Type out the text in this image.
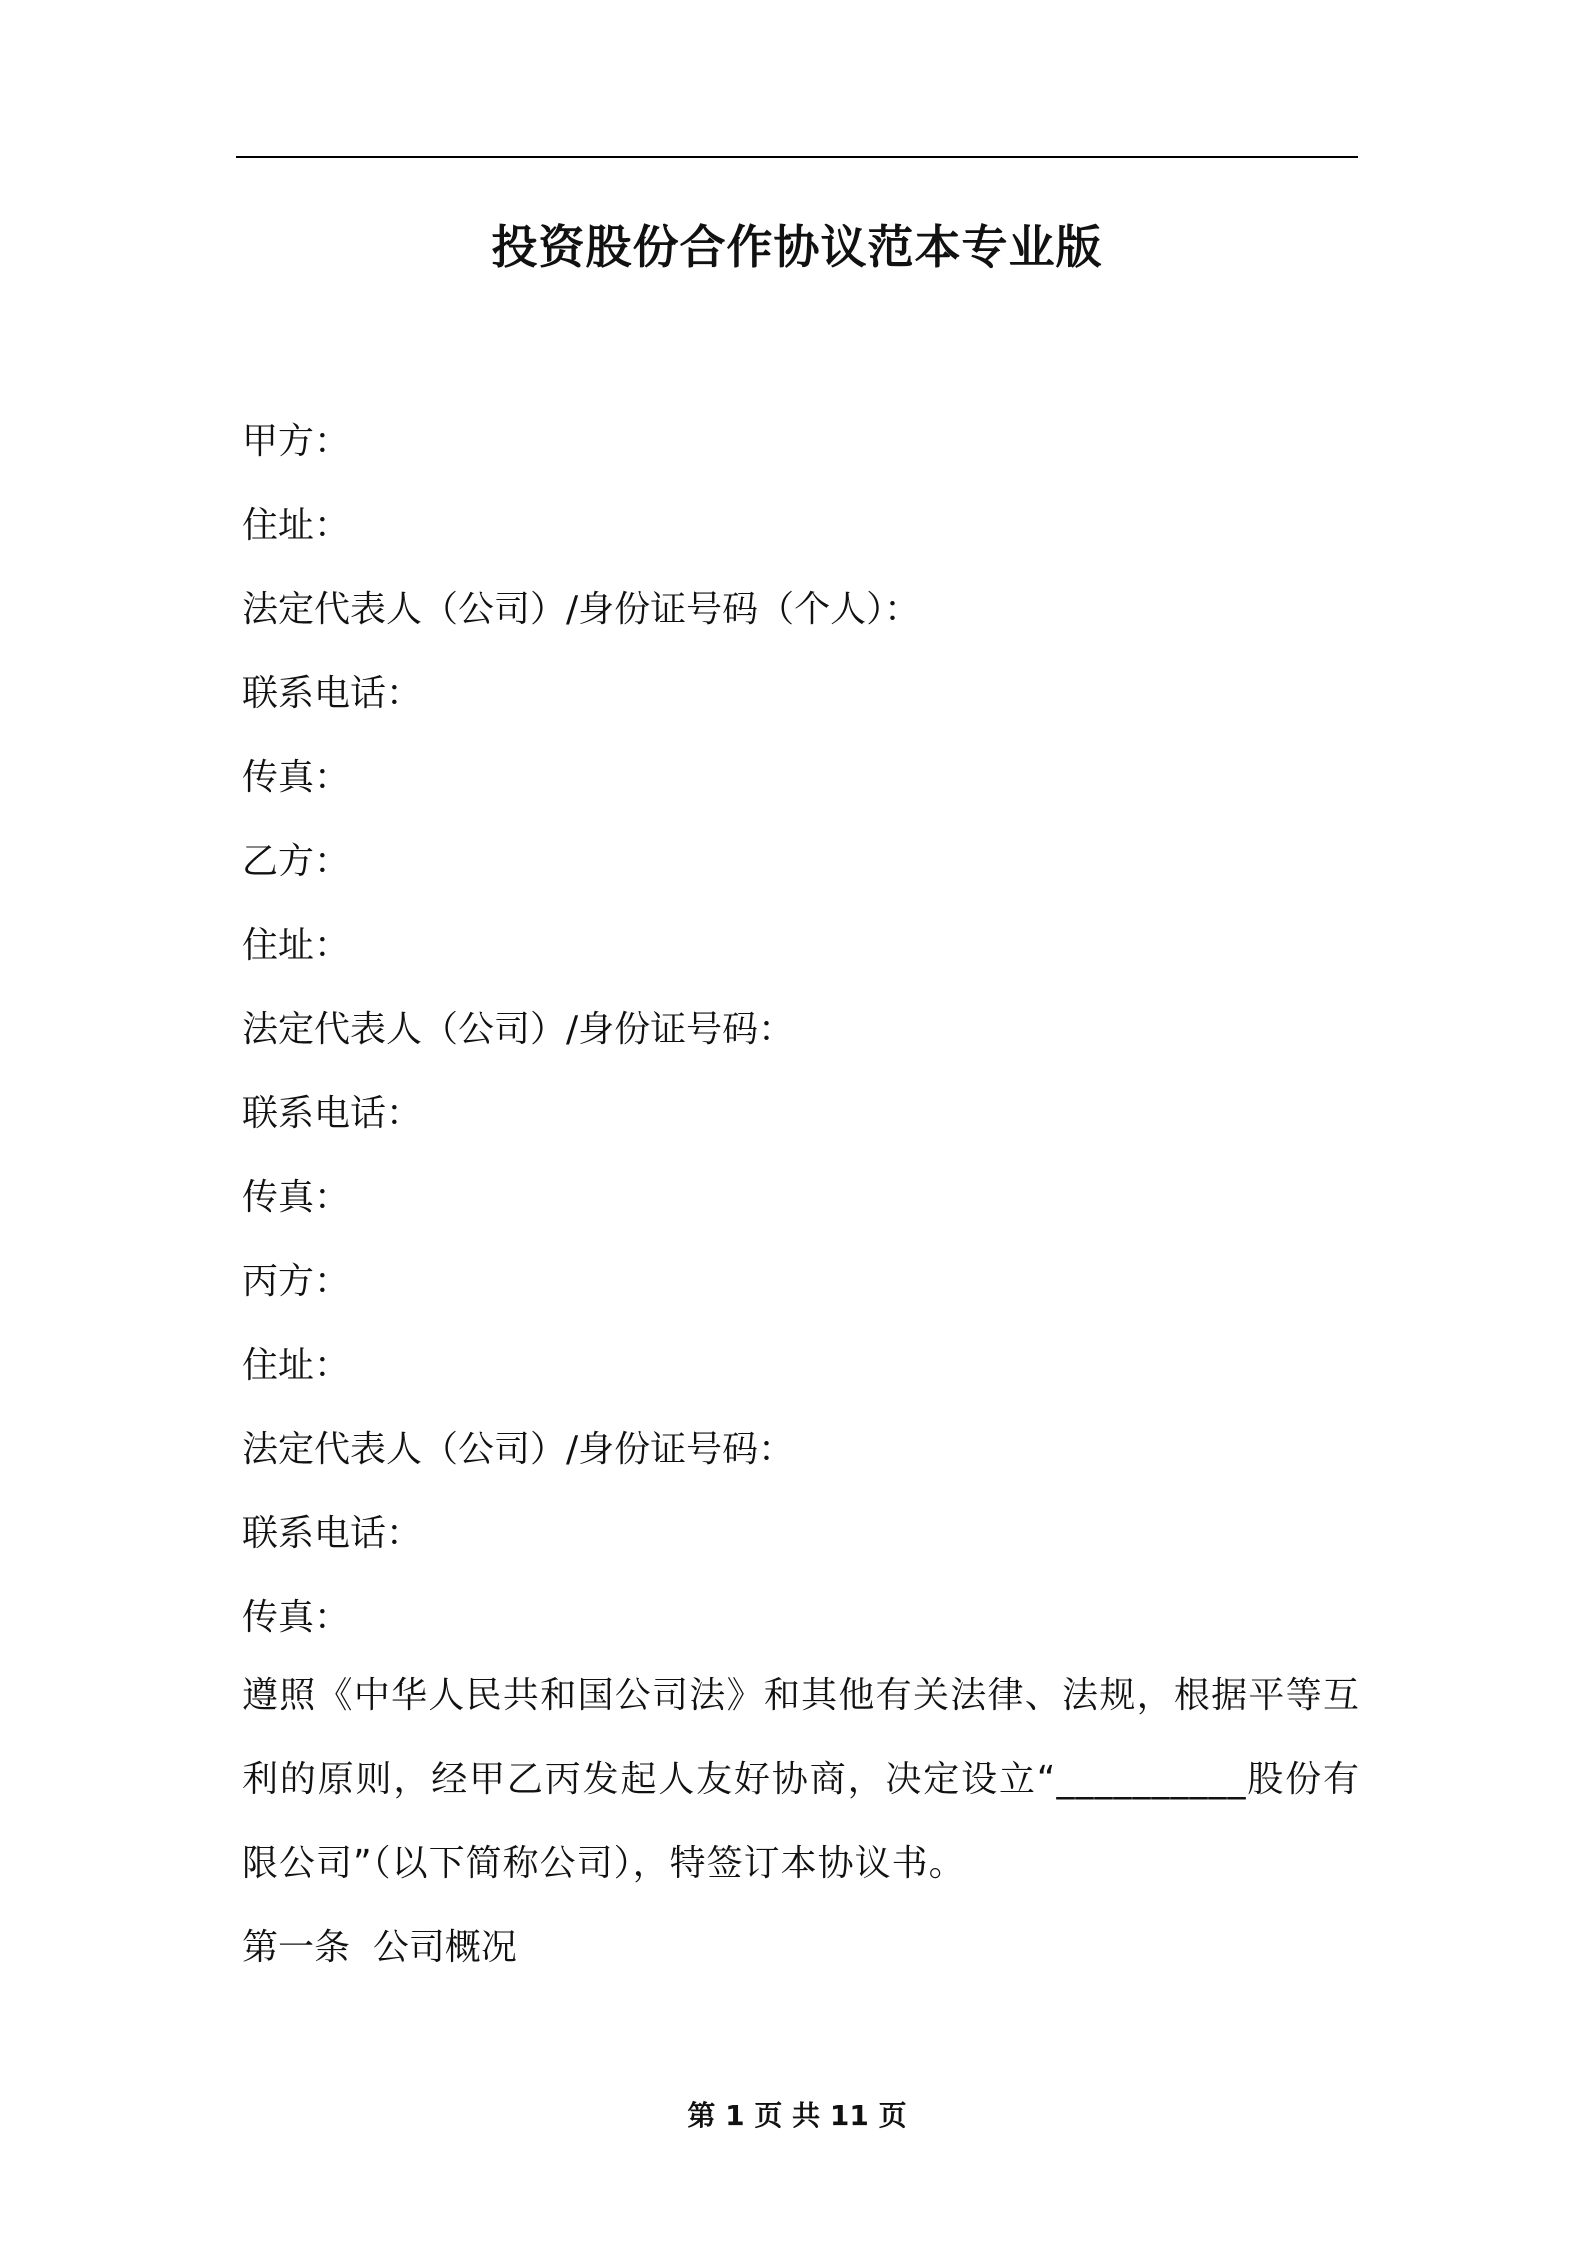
投资股份合作协议范本专业版
甲方：
住址：
法定代表人（公司）/身份证号码（个人）：
联系电话：
传真：
乙方：
住址：
法定代表人（公司）/身份证号码：
联系电话：
传真：
丙方：
住址：
法定代表人（公司）/身份证号码：
联系电话：
传真：

遵照《中华人民共和国公司法》和其他有关法律、法规，根据平等互利的原则，经甲乙丙发起人友好协商，决定设立“__________股份有限公司”（以下简称公司），特签订本协议书。

第一条  公司概况

第 1 页 共 11 页
